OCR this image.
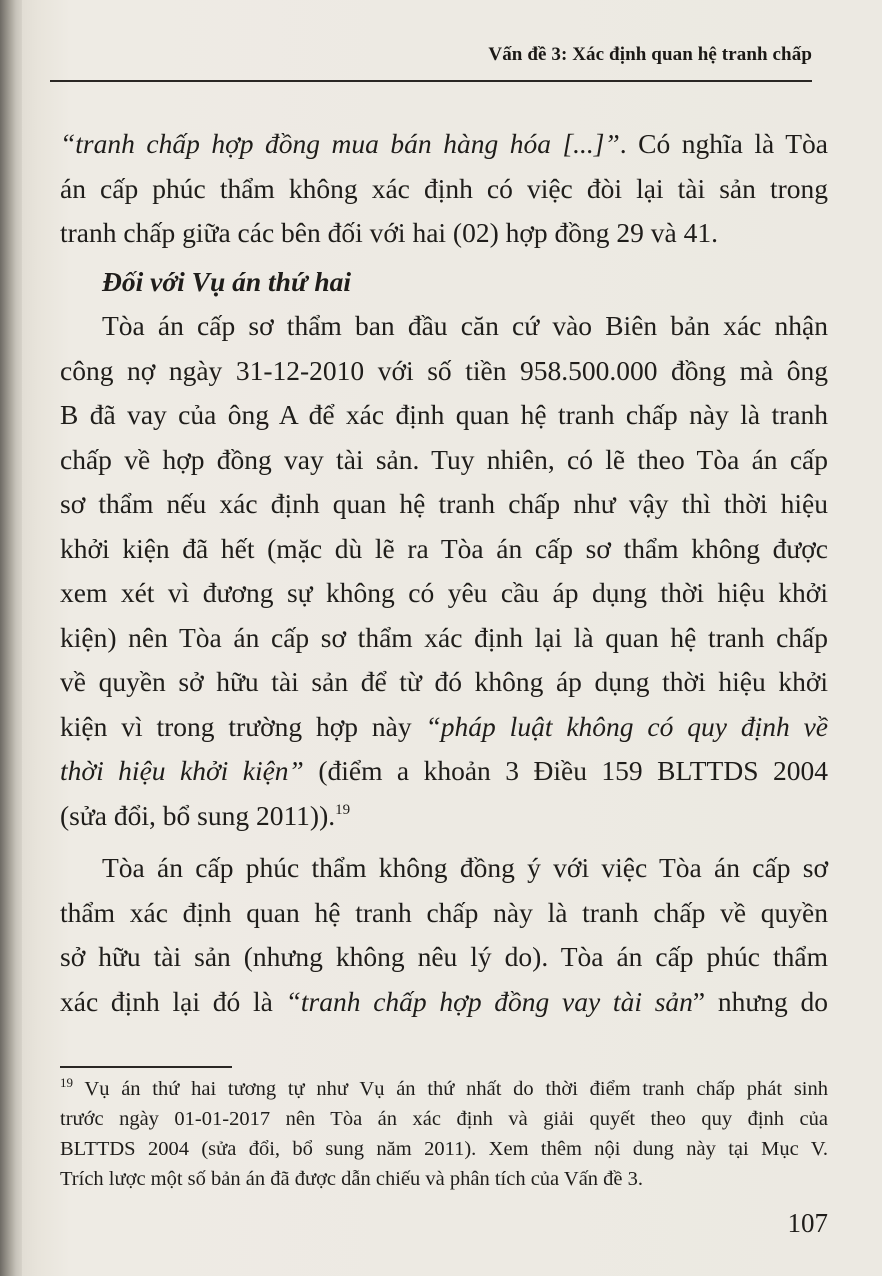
Vấn đề 3: Xác định quan hệ tranh chấp
“tranh chấp hợp đồng mua bán hàng hóa [...]”. Có nghĩa là Tòa
án cấp phúc thẩm không xác định có việc đòi lại tài sản trong
tranh chấp giữa các bên đối với hai (02) hợp đồng 29 và 41.
Đối với Vụ án thứ hai
Tòa án cấp sơ thẩm ban đầu căn cứ vào Biên bản xác nhận
công nợ ngày 31-12-2010 với số tiền 958.500.000 đồng mà ông
B đã vay của ông A để xác định quan hệ tranh chấp này là tranh
chấp về hợp đồng vay tài sản. Tuy nhiên, có lẽ theo Tòa án cấp
sơ thẩm nếu xác định quan hệ tranh chấp như vậy thì thời hiệu
khởi kiện đã hết (mặc dù lẽ ra Tòa án cấp sơ thẩm không được
xem xét vì đương sự không có yêu cầu áp dụng thời hiệu khởi
kiện) nên Tòa án cấp sơ thẩm xác định lại là quan hệ tranh chấp
về quyền sở hữu tài sản để từ đó không áp dụng thời hiệu khởi
kiện vì trong trường hợp này “pháp luật không có quy định về
thời hiệu khởi kiện” (điểm a khoản 3 Điều 159 BLTTDS 2004
(sửa đổi, bổ sung 2011)).$^{19}$
Tòa án cấp phúc thẩm không đồng ý với việc Tòa án cấp sơ
thẩm xác định quan hệ tranh chấp này là tranh chấp về quyền
sở hữu tài sản (nhưng không nêu lý do). Tòa án cấp phúc thẩm
xác định lại đó là “tranh chấp hợp đồng vay tài sản” nhưng do
$^{19}$ Vụ án thứ hai tương tự như Vụ án thứ nhất do thời điểm tranh chấp phát sinh
trước ngày 01-01-2017 nên Tòa án xác định và giải quyết theo quy định của
BLTTDS 2004 (sửa đổi, bổ sung năm 2011). Xem thêm nội dung này tại Mục V.
Trích lược một số bản án đã được dẫn chiếu và phân tích của Vấn đề 3.
107
